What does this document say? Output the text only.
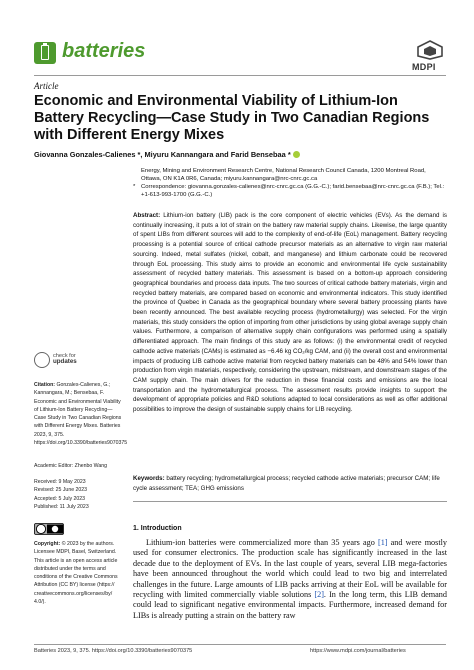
batteries
MDPI
Article
Economic and Environmental Viability of Lithium-Ion Battery Recycling—Case Study in Two Canadian Regions with Different Energy Mixes
Giovanna Gonzales-Calienes *, Miyuru Kannangara and Farid Bensebaa *
Energy, Mining and Environment Research Centre, National Research Council Canada, 1200 Montreal Road, Ottawa, ON K1A 0R6, Canada; miyuru.kannangara@nrc-cnrc.gc.ca
* Correspondence: giovanna.gonzales-calienes@nrc-cnrc.gc.ca (G.G.-C.); farid.bensebaa@nrc-cnrc.gc.ca (F.B.); Tel.: +1-613-993-1700 (G.G.-C.)
Abstract: Lithium-ion battery (LIB) pack is the core component of electric vehicles (EVs). As the demand is continually increasing, it puts a lot of strain on the battery raw material supply chains. Likewise, the large quantity of spent LIBs from different sources will add to the complexity of end-of-life (EoL) management. Battery recycling processing is a potential source of critical cathode precursor materials as an alternative to virgin raw material sourcing. Indeed, metal sulfates (nickel, cobalt, and manganese) and lithium carbonate could be recovered through EoL processing. This study aims to provide an economic and environmental life cycle sustainability assessment of recycled battery materials. This assessment is based on a bottom-up approach considering geographical boundaries and process data inputs. The two sources of critical cathode battery materials, virgin and recycled battery materials, are compared based on economic and environmental indicators. This study identified the province of Quebec in Canada as the geographical boundary where several battery processing plants have been recently announced. The best available recycling process (hydrometallurgy) was selected. For the virgin materials, this study considers the option of importing from other jurisdictions by using global average supply chain values. Furthermore, a comparison of alternative supply chain configurations was performed using a spatially differentiated approach. The main findings of this study are as follows: (i) the environmental credit of recycled cathode active materials (CAMs) is estimated as −6.46 kg CO₂/kg CAM, and (ii) the overall cost and environmental impacts of producing LIB cathode active material from recycled battery materials can be 48% and 54% lower than production from virgin materials, respectively, considering the upstream, midstream, and downstream stages of the CAM supply chain. The main drivers for the reduction in these financial costs and emissions are the local transportation and the hydrometallurgical process. The assessment results provide insights to support the development of appropriate policies and R&D solutions adapted to local considerations as well as offer additional possibilities to improve the design of sustainable supply chains for LIB recycling.
Keywords: battery recycling; hydrometallurgical process; recycled cathode active materials; precursor CAM; life cycle assessment; TEA; GHG emissions
check for
updates
Citation: Gonzales-Calienes, G.; Kannangara, M.; Bensebaa, F. Economic and Environmental Viability of Lithium-Ion Battery Recycling—Case Study in Two Canadian Regions with Different Energy Mixes. Batteries 2023, 9, 375. https://doi.org/10.3390/batteries9070375
Academic Editor: Zhenbo Wang
Received: 9 May 2023
Revised: 25 June 2023
Accepted: 5 July 2023
Published: 11 July 2023
Copyright: © 2023 by the authors. Licensee MDPI, Basel, Switzerland. This article is an open access article distributed under the terms and conditions of the Creative Commons Attribution (CC BY) license (https:// creativecommons.org/licenses/by/ 4.0/).
1. Introduction

Lithium-ion batteries were commercialized more than 35 years ago [1] and were mostly used for consumer electronics. The production scale has significantly increased in the last decade due to the deployment of EVs. In the last couple of years, several LIB mega-factories have been announced throughout the world which could lead to two big and interrelated challenges in the future. Large amounts of LIB packs arriving at their EoL will be available for recycling with limited commercially viable solutions [2]. In the long term, this LIB demand could lead to significant negative environmental impacts. Furthermore, increased demand for LIBs is already putting a strain on the battery raw

Batteries 2023, 9, 375. https://doi.org/10.3390/batteries9070375	https://www.mdpi.com/journal/batteries
